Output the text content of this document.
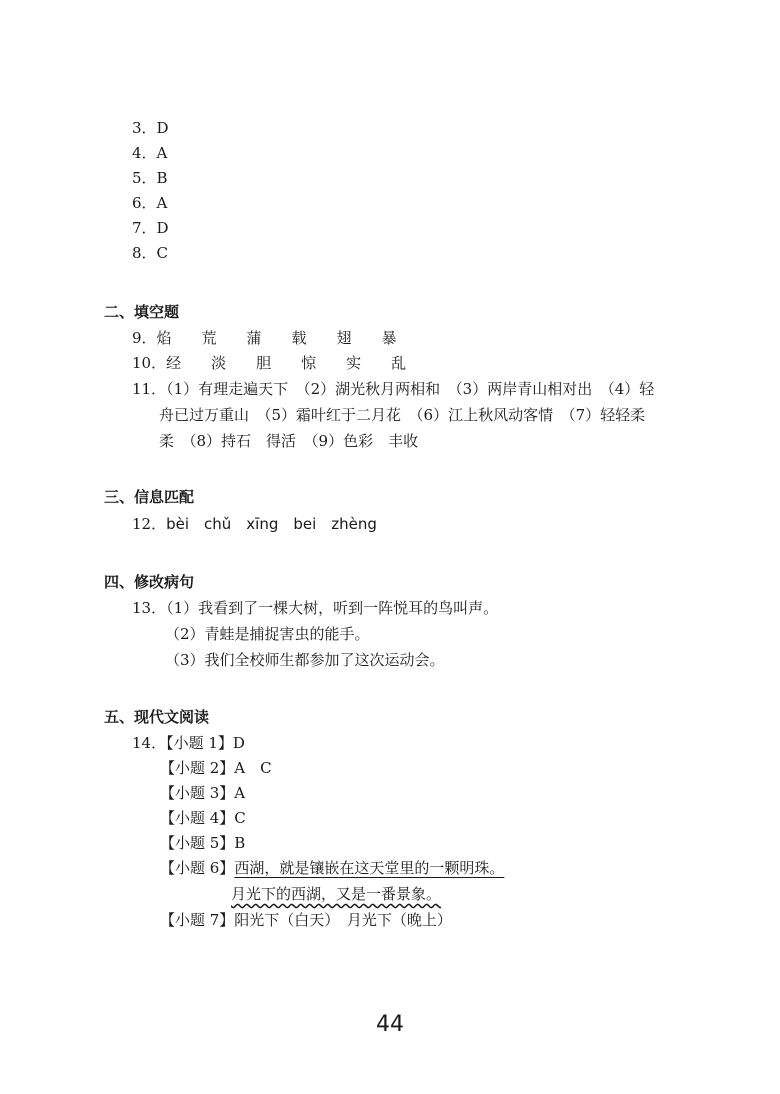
3．D
4．A
5．B
6．A
7．D
8．C
二、填空题
9．焰　　荒　　蒲　　载　　翅　　暴
10．经　　淡　　胆　　惊　　实　　乱
11．（1）有理走遍天下　（2）湖光秋月两相和　（3）两岸青山相对出　（4）轻
舟已过万重山　（5）霜叶红于二月花　（6）江上秋风动客情　（7）轻轻柔
柔　（8）持石　得活　（9）色彩　丰收
三、信息匹配
12．bèi　chǔ　xīng　bei　zhèng
四、修改病句
13．（1）我看到了一棵大树，听到一阵悦耳的鸟叫声。
（2）青蛙是捕捉害虫的能手。
（3）我们全校师生都参加了这次运动会。
五、现代文阅读
14．【小题 1】D
【小题 2】A　C
【小题 3】A
【小题 4】C
【小题 5】B
【小题 6】西湖，就是镶嵌在这天堂里的一颗明珠。
月光下的西湖，又是一番景象。
【小题 7】阳光下（白天）　月光下（晚上）
44
